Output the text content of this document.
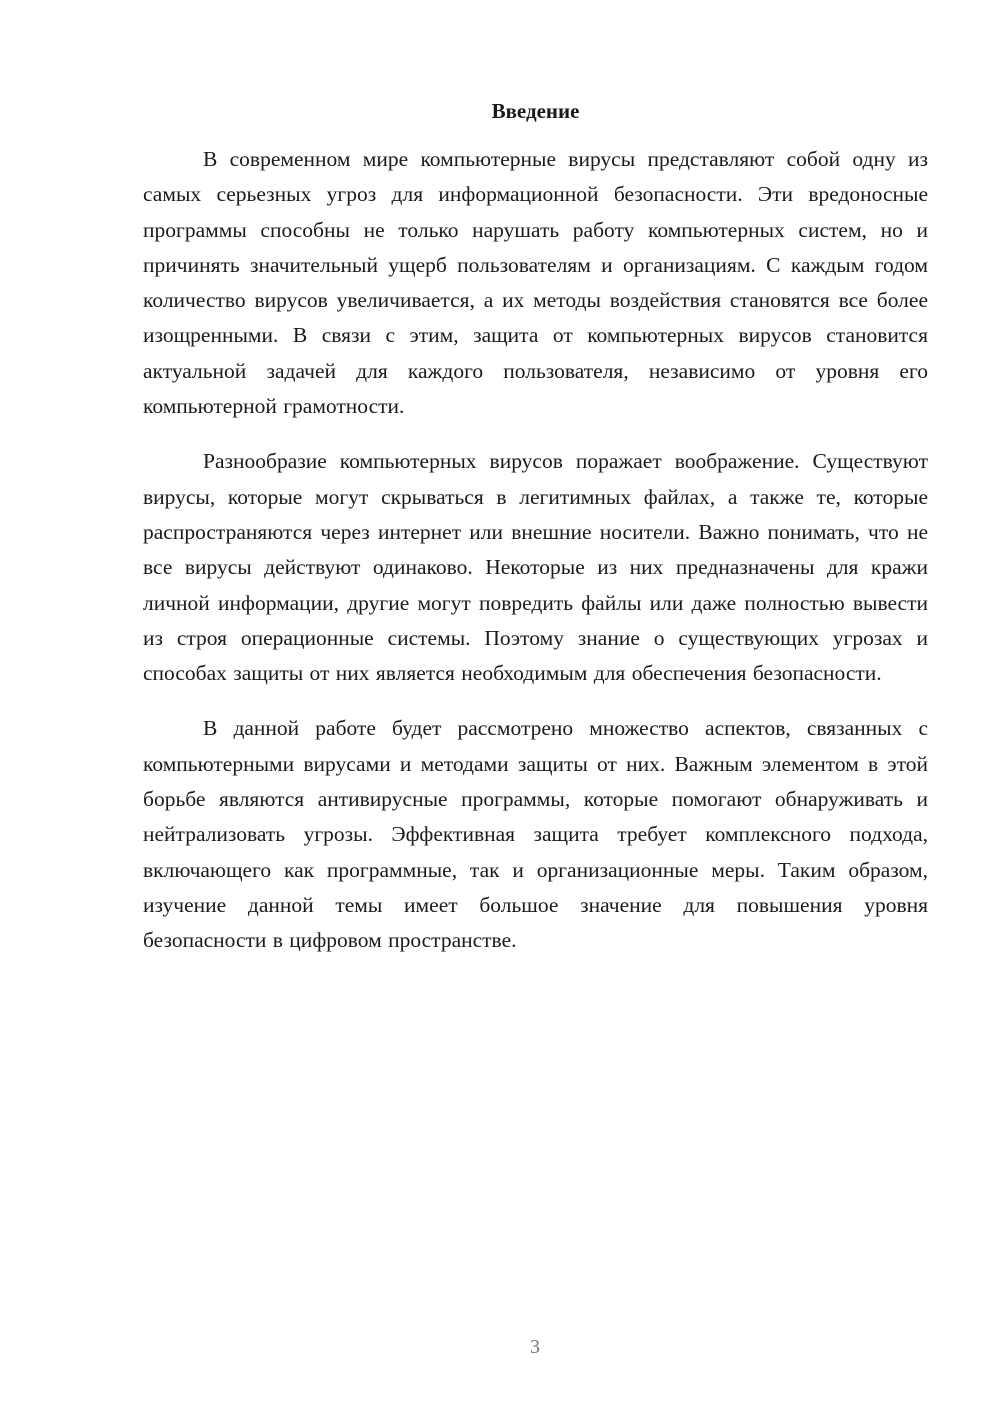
Введение

В современном мире компьютерные вирусы представляют собой одну из самых серьезных угроз для информационной безопасности. Эти вредоносные программы способны не только нарушать работу компьютерных систем, но и причинять значительный ущерб пользователям и организациям. С каждым годом количество вирусов увеличивается, а их методы воздействия становятся все более изощренными. В связи с этим, защита от компьютерных вирусов становится актуальной задачей для каждого пользователя, независимо от уровня его компьютерной грамотности.

Разнообразие компьютерных вирусов поражает воображение. Существуют вирусы, которые могут скрываться в легитимных файлах, а также те, которые распространяются через интернет или внешние носители. Важно понимать, что не все вирусы действуют одинаково. Некоторые из них предназначены для кражи личной информации, другие могут повредить файлы или даже полностью вывести из строя операционные системы. Поэтому знание о существующих угрозах и способах защиты от них является необходимым для обеспечения безопасности.

В данной работе будет рассмотрено множество аспектов, связанных с компьютерными вирусами и методами защиты от них. Важным элементом в этой борьбе являются антивирусные программы, которые помогают обнаруживать и нейтрализовать угрозы. Эффективная защита требует комплексного подхода, включающего как программные, так и организационные меры. Таким образом, изучение данной темы имеет большое значение для повышения уровня безопасности в цифровом пространстве.

3
